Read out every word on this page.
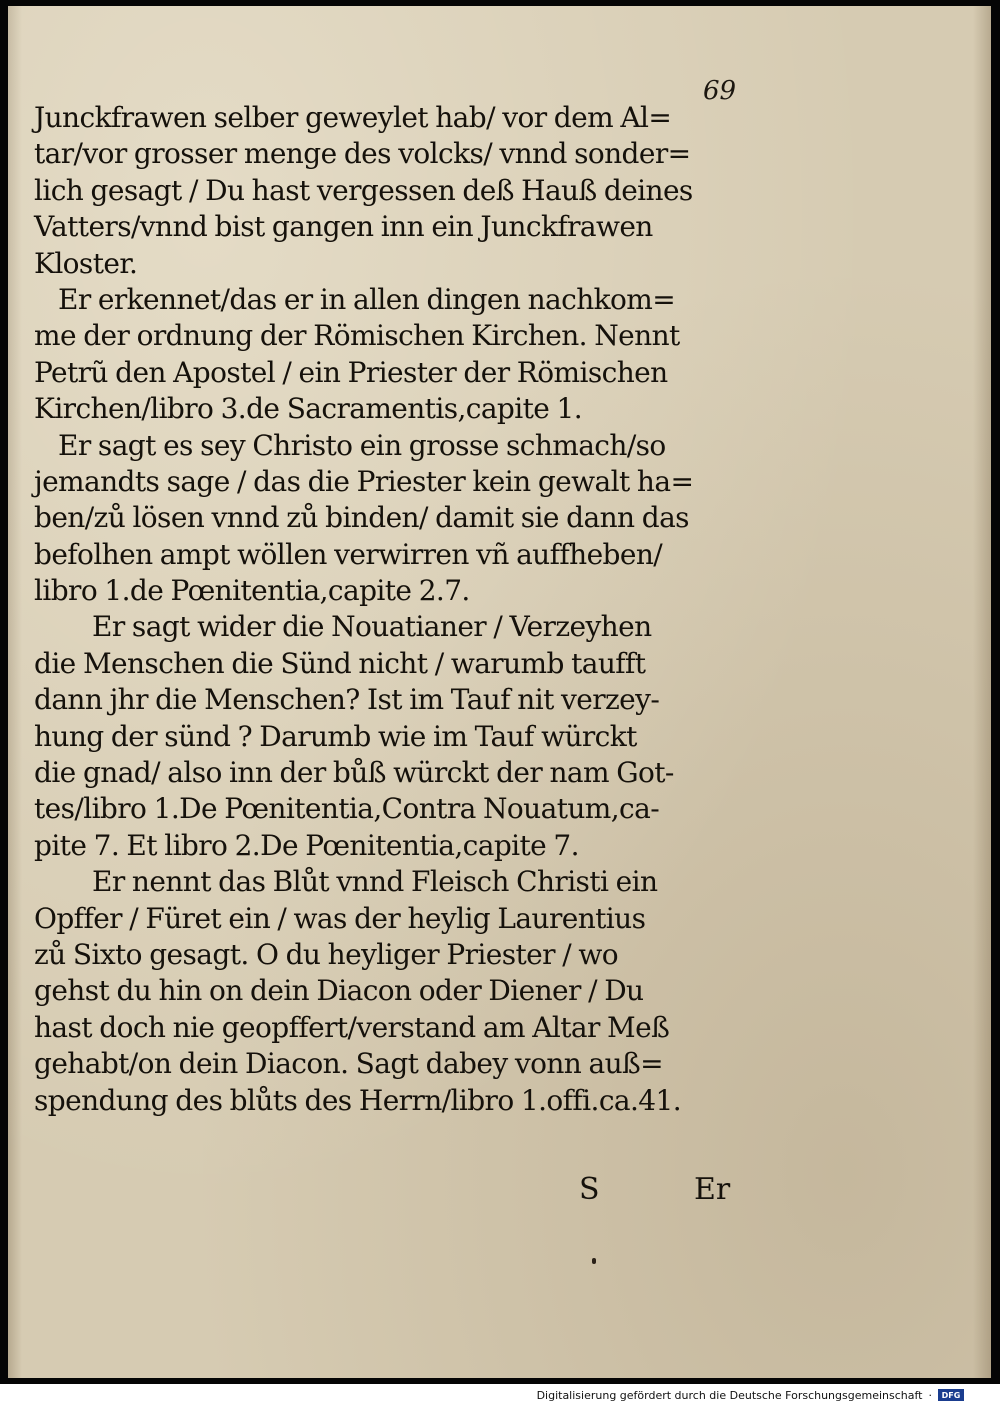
69
Junckfrawen selber geweylet hab/ vor dem Al=
tar/vor grosser menge des volcks/ vnnd sonder=
lich gesagt / Du hast vergessen deß Hauß deines
Vatters/vnnd bist gangen inn ein Junckfrawen
Kloster.
Er erkennet/das er in allen dingen nachkom=
me der ordnung der Römischen Kirchen. Nennt
Petrũ den Apostel / ein Priester der Römischen
Kirchen/libro 3.de Sacramentis,capite 1.
Er sagt es sey Christo ein grosse schmach/so
jemandts sage / das die Priester kein gewalt ha=
ben/zů lösen vnnd zů binden/ damit sie dann das
befolhen ampt wöllen verwirren vñ auffheben/
libro 1.de Pœnitentia,capite 2.7.
Er sagt wider die Nouatianer / Verzeyhen
die Menschen die Sünd nicht / warumb taufft
dann jhr die Menschen? Ist im Tauf nit verzey-
hung der sünd ? Darumb wie im Tauf würckt
die gnad/ also inn der bůß würckt der nam Got-
tes/libro 1.De Pœnitentia,Contra Nouatum,ca-
pite 7. Et libro 2.De Pœnitentia,capite 7.
Er nennt das Blůt vnnd Fleisch Christi ein
Opffer / Füret ein / was der heylig Laurentius
zů Sixto gesagt. O du heyliger Priester / wo
gehst du hin on dein Diacon oder Diener / Du
hast doch nie geopffert/verstand am Altar Meß
gehabt/on dein Diacon. Sagt dabey vonn auß=
spendung des blůts des Herrn/libro 1.offi.ca.41.
S	Er
Digitalisierung gefördert durch die Deutsche Forschungsgemeinschaft ·	DFG
